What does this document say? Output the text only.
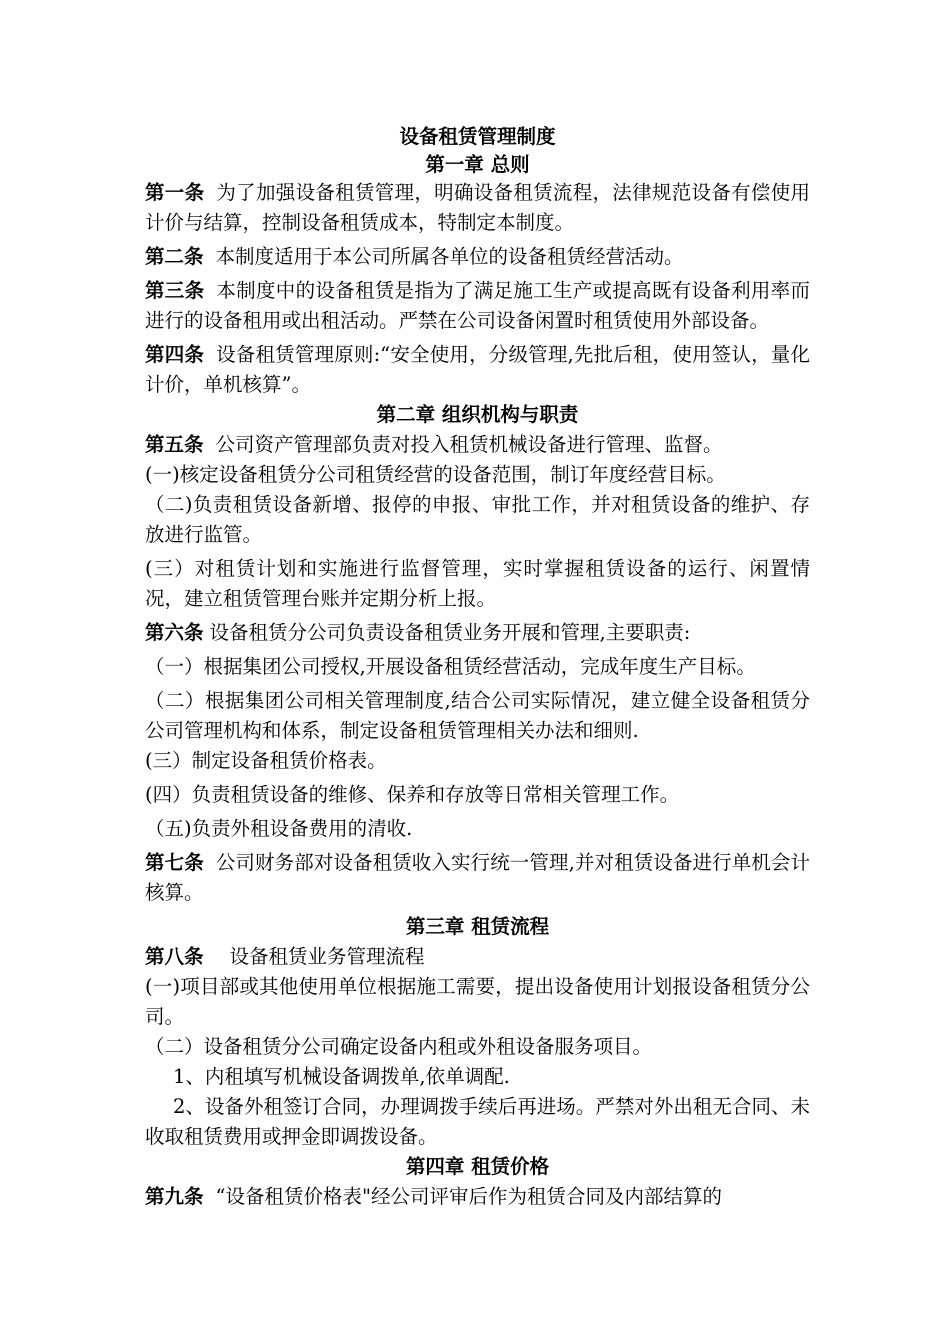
设备租赁管理制度
第一章 总则

第一条 为了加强设备租赁管理，明确设备租赁流程，法律规范设备有偿使用计价与结算，控制设备租赁成本，特制定本制度。

第二条 本制度适用于本公司所属各单位的设备租赁经营活动。

第三条 本制度中的设备租赁是指为了满足施工生产或提高既有设备利用率而进行的设备租用或出租活动。严禁在公司设备闲置时租赁使用外部设备。

第四条 设备租赁管理原则:“安全使用，分级管理,先批后租，使用签认，量化计价，单机核算”。

第二章 组织机构与职责

第五条 公司资产管理部负责对投入租赁机械设备进行管理、监督。

(一)核定设备租赁分公司租赁经营的设备范围，制订年度经营目标。

（二)负责租赁设备新增、报停的申报、审批工作，并对租赁设备的维护、存放进行监管。

(三）对租赁计划和实施进行监督管理，实时掌握租赁设备的运行、闲置情况，建立租赁管理台账并定期分析上报。

第六条 设备租赁分公司负责设备租赁业务开展和管理,主要职责:

（一）根据集团公司授权,开展设备租赁经营活动，完成年度生产目标。

（二）根据集团公司相关管理制度,结合公司实际情况，建立健全设备租赁分公司管理机构和体系，制定设备租赁管理相关办法和细则.

(三）制定设备租赁价格表。

(四）负责租赁设备的维修、保养和存放等日常相关管理工作。

（五)负责外租设备费用的清收.

第七条 公司财务部对设备租赁收入实行统一管理,并对租赁设备进行单机会计核算。

第三章 租赁流程

第八条 设备租赁业务管理流程

(一)项目部或其他使用单位根据施工需要，提出设备使用计划报设备租赁分公司。

（二）设备租赁分公司确定设备内租或外租设备服务项目。

1、内租填写机械设备调拨单,依单调配.

2、设备外租签订合同，办理调拨手续后再进场。严禁对外出租无合同、未收取租赁费用或押金即调拨设备。

第四章 租赁价格

第九条 “设备租赁价格表"经公司评审后作为租赁合同及内部结算的
